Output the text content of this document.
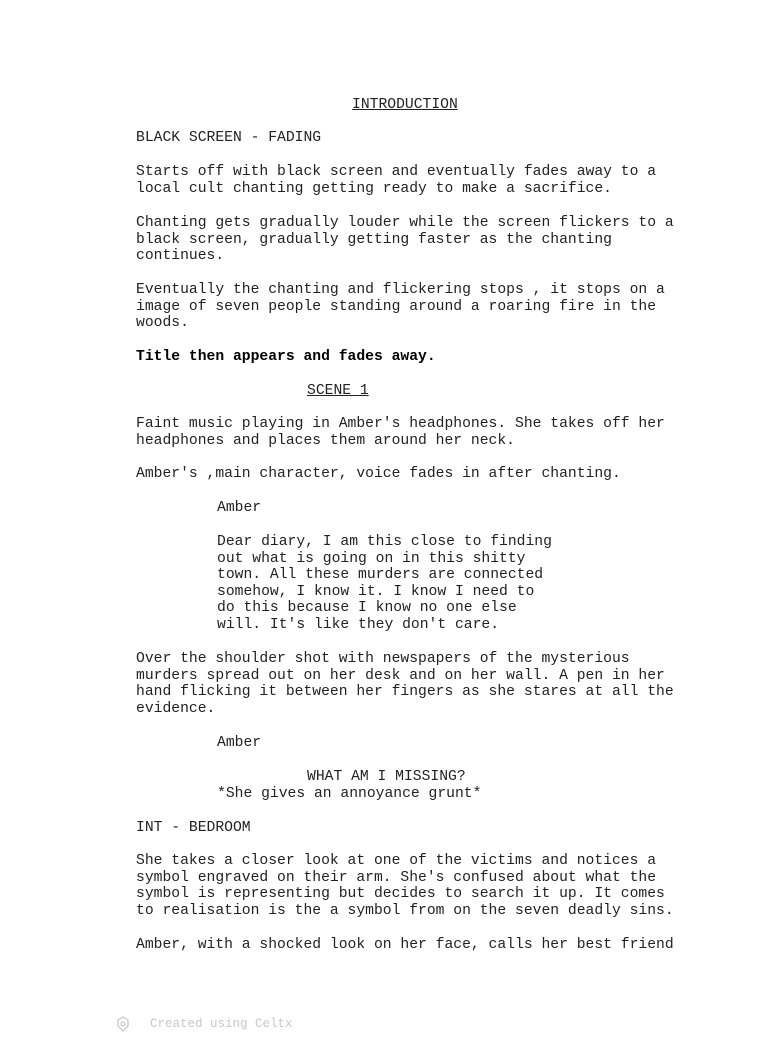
INTRODUCTION
BLACK SCREEN - FADING
Starts off with black screen and eventually fades away to a
local cult chanting getting ready to make a sacrifice.
Chanting gets gradually louder while the screen flickers to a
black screen, gradually getting faster as the chanting
continues.
Eventually the chanting and flickering stops , it stops on a
image of seven people standing around a roaring fire in the
woods.
Title then appears and fades away.
SCENE 1
Faint music playing in Amber's headphones. She takes off her
headphones and places them around her neck.
Amber's ,main character, voice fades in after chanting.
Amber
Dear diary, I am this close to finding
out what is going on in this shitty
town. All these murders are connected
somehow, I know it. I know I need to
do this because I know no one else
will. It's like they don't care.
Over the shoulder shot with newspapers of the mysterious
murders spread out on her desk and on her wall. A pen in her
hand flicking it between her fingers as she stares at all the
evidence.
Amber
WHAT AM I MISSING?
*She gives an annoyance grunt*
INT - BEDROOM
She takes a closer look at one of the victims and notices a
symbol engraved on their arm. She's confused about what the
symbol is representing but decides to search it up. It comes
to realisation is the a symbol from on the seven deadly sins.
Amber, with a shocked look on her face, calls her best friend

Created using Celtx
